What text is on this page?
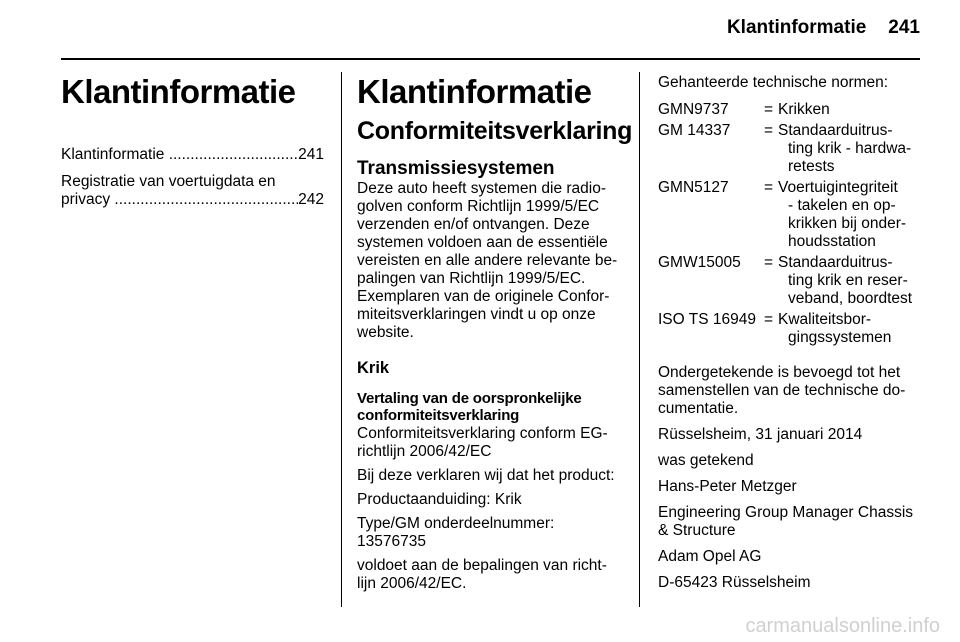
Klantinformatie 241
Klantinformatie
Klantinformatie .....	241
Registratie van voertuigdata en
privacy .....	242
Klantinformatie
Conformiteitsverklaring
Transmissiesystemen
Deze auto heeft systemen die radio-
golven conform Richtlijn 1999/5/EC
verzenden en/of ontvangen. Deze
systemen voldoen aan de essentiële
vereisten en alle andere relevante be-
palingen van Richtlijn 1999/5/EC.
Exemplaren van de originele Confor-
miteitsverklaringen vindt u op onze
website.
Krik
Vertaling van de oorspronkelijke
conformiteitsverklaring
Conformiteitsverklaring conform EG-
richtlijn 2006/42/EC
Bij deze verklaren wij dat het product:
Productaanduiding: Krik
Type/GM onderdeelnummer:
13576735
voldoet aan de bepalingen van richt-
lijn 2006/42/EC.
Gehanteerde technische normen:
GMN9737	= Krikken
GM 14337	= Standaarduitrus-
ting krik - hardwa-
retests
GMN5127	= Voertuigintegriteit
- takelen en op-
krikken bij onder-
houdsstation
GMW15005	= Standaarduitrus-
ting krik en reser-
veband, boordtest
ISO TS 16949 = Kwaliteitsbor-
gingssystemen
Ondergetekende is bevoegd tot het
samenstellen van de technische do-
cumentatie.
Rüsselsheim, 31 januari 2014
was getekend
Hans-Peter Metzger
Engineering Group Manager Chassis
& Structure
Adam Opel AG
D-65423 Rüsselsheim
carmanualsonline.info
